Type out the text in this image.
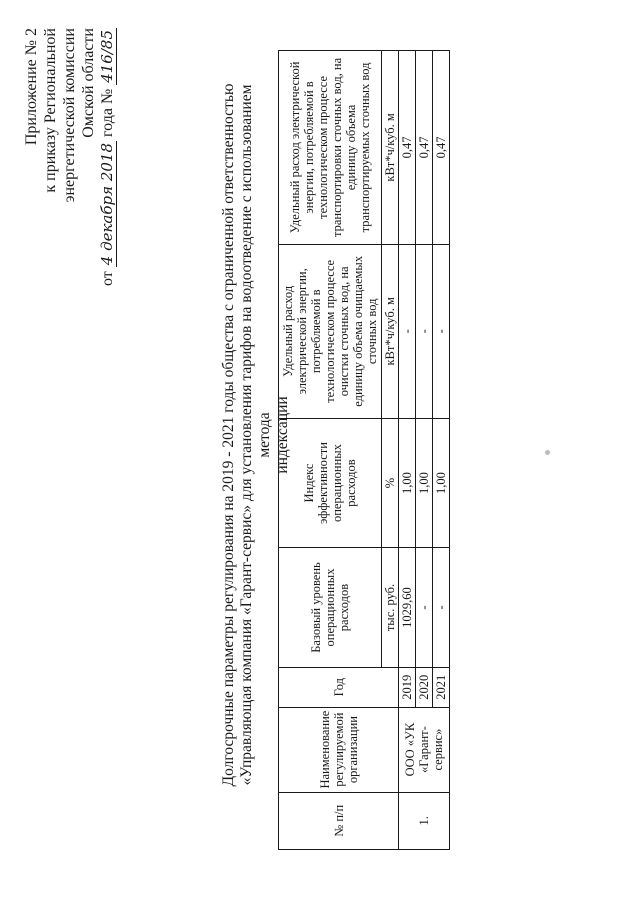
Приложение № 2 к приказу Региональной энергетической комиссии Омской области
от 4 декабря 2018 года № 416/85
Долгосрочные параметры регулирования на 2019 - 2021 годы общества с ограниченной ответственностью «Управляющая компания «Гарант-сервис» для установления тарифов на водоотведение с использованием метода индексации
№ п/п	Наименование регулируемой организации	Год	Базовый уровень операционных расходов	Индекс эффективности операционных расходов	Удельный расход электрической энергии, потребляемой в технологическом процессе очистки сточных вод, на единицу объема очищаемых сточных вод	Удельный расход электрической энергии, потребляемой в технологическом процессе транспортировки сточных вод, на единицу объема транспортируемых сточных вод
			тыс. руб.	%	кВт*ч/куб. м	кВт*ч/куб. м
1.	ООО «УК «Гарант-сервис»	2019	1029,60	1,00	-	0,47
		2020	-	1,00	-	0,47
		2021	-	1,00	-	0,47
